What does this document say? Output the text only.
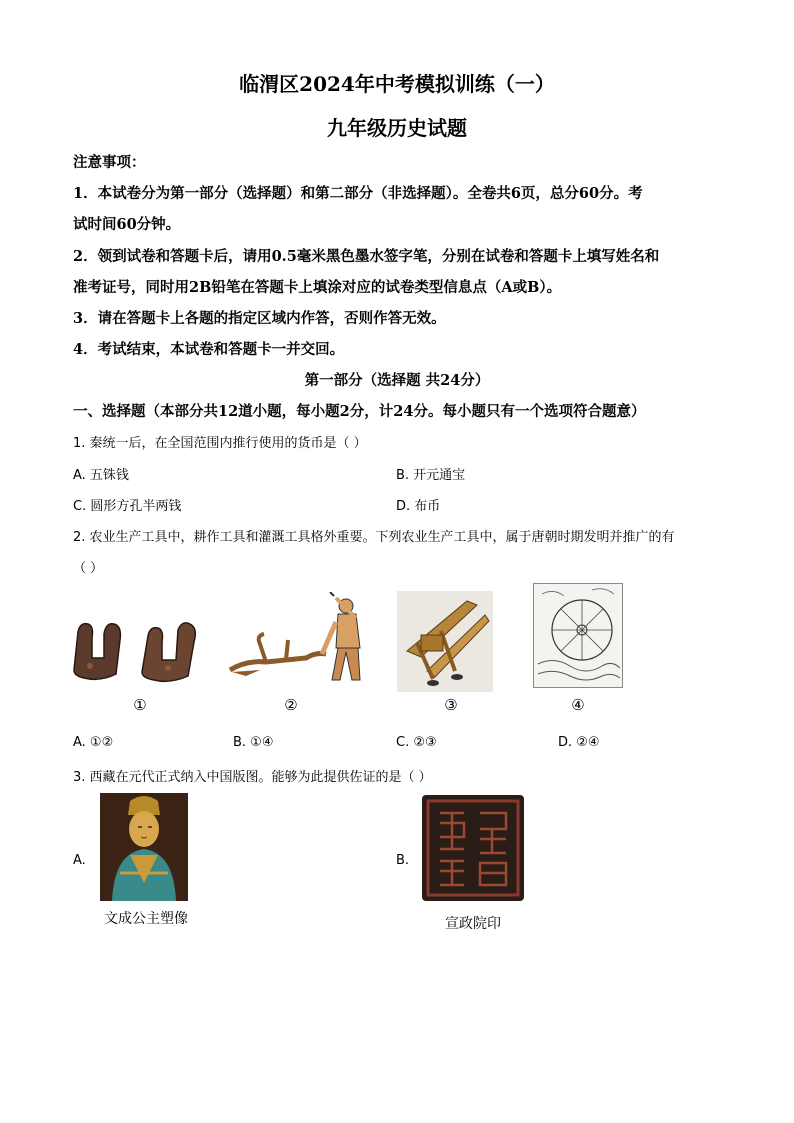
临渭区2024年中考模拟训练（一）
九年级历史试题
注意事项：
1．本试卷分为第一部分（选择题）和第二部分（非选择题）。全卷共6页，总分60分。考
试时间60分钟。
2．领到试卷和答题卡后，请用0.5毫米黑色墨水签字笔，分别在试卷和答题卡上填写姓名和
准考证号，同时用2B铅笔在答题卡上填涂对应的试卷类型信息点（A或B）。
3．请在答题卡上各题的指定区域内作答，否则作答无效。
4．考试结束，本试卷和答题卡一并交回。
第一部分（选择题 共24分）
一、选择题（本部分共12道小题，每小题2分，计24分。每小题只有一个选项符合题意）
1. 秦统一后，在全国范围内推行使用的货币是（ ）
A. 五铢钱	B. 开元通宝
C. 圆形方孔半两钱	D. 布币
2. 农业生产工具中，耕作工具和灌溉工具格外重要。下列农业生产工具中，属于唐朝时期发明并推广的有
（ ）
①	②	③	④
A. ①②	B. ①④	C. ②③	D. ②④
3. 西藏在元代正式纳入中国版图。能够为此提供佐证的是（ ）
A.
文成公主塑像
B.
宣政院印
